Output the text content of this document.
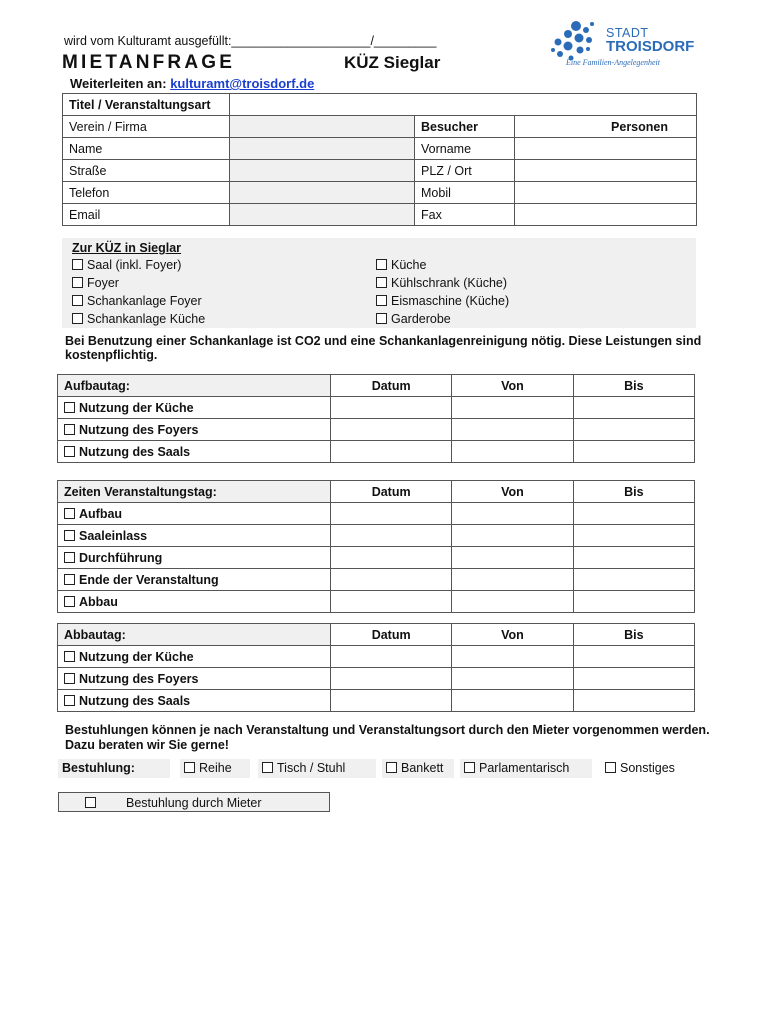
wird vom Kulturamt ausgefüllt:____________________/_________
MIETANFRAGE	KÜZ Sieglar
Weiterleiten an: kulturamt@troisdorf.de
STADT
TROISDORF
Eine Familien-Angelegenheit
Titel / Veranstaltungsart			
Verein / Firma		Besucher	Personen
Name		Vorname	
Straße		PLZ / Ort	
Telefon		Mobil	
Email		Fax	
Zur KÜZ in Sieglar
Saal (inkl. Foyer)
Foyer
Schankanlage Foyer
Schankanlage Küche
Küche
Kühlschrank (Küche)
Eismaschine (Küche)
Garderobe
Bei Benutzung einer Schankanlage ist CO2 und eine Schankanlagenreinigung nötig. Diese Leistungen sind kostenpflichtig.
Aufbautag:	Datum	Von	Bis
Nutzung der Küche			
Nutzung des Foyers			
Nutzung des Saals			
Zeiten Veranstaltungstag:	Datum	Von	Bis
Aufbau			
Saaleinlass			
Durchführung			
Ende der Veranstaltung			
Abbau			
Abbautag:	Datum	Von	Bis
Nutzung der Küche			
Nutzung des Foyers			
Nutzung des Saals			
Bestuhlungen können je nach Veranstaltung und Veranstaltungsort durch den Mieter vorgenommen werden. Dazu beraten wir Sie gerne!
Bestuhlung:	Reihe	Tisch / Stuhl	Bankett	Parlamentarisch	Sonstiges
Bestuhlung durch Mieter
